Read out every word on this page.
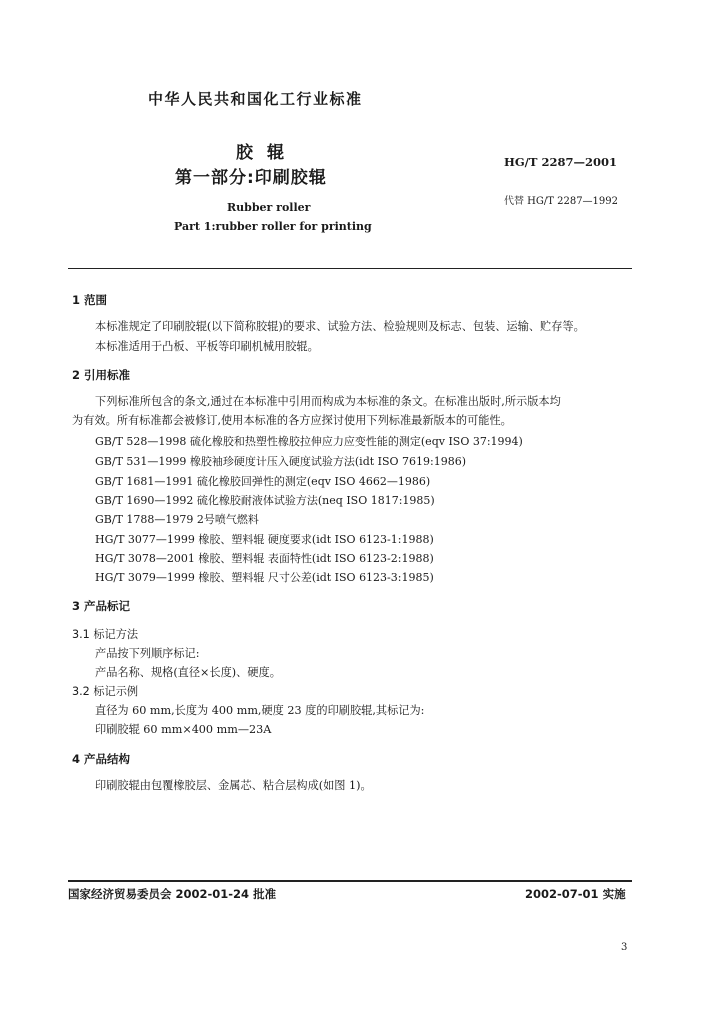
中华人民共和国化工行业标准
胶辊
第一部分:印刷胶辊
HG/T 2287—2001
代替 HG/T 2287—1992
Rubber roller
Part 1:rubber roller for printing
1 范围
本标准规定了印刷胶辊(以下简称胶辊)的要求、试验方法、检验规则及标志、包装、运输、贮存等。
本标准适用于凸板、平板等印刷机械用胶辊。
2 引用标准
下列标准所包含的条文,通过在本标准中引用而构成为本标准的条文。在标准出版时,所示版本均
为有效。所有标准都会被修订,使用本标准的各方应探讨使用下列标准最新版本的可能性。
GB/T 528—1998 硫化橡胶和热塑性橡胶拉伸应力应变性能的测定(eqv ISO 37:1994)
GB/T 531—1999 橡胶袖珍硬度计压入硬度试验方法(idt ISO 7619:1986)
GB/T 1681—1991 硫化橡胶回弹性的测定(eqv ISO 4662—1986)
GB/T 1690—1992 硫化橡胶耐液体试验方法(neq ISO 1817:1985)
GB/T 1788—1979 2号喷气燃料
HG/T 3077—1999 橡胶、塑料辊 硬度要求(idt ISO 6123-1:1988)
HG/T 3078—2001 橡胶、塑料辊 表面特性(idt ISO 6123-2:1988)
HG/T 3079—1999 橡胶、塑料辊 尺寸公差(idt ISO 6123-3:1985)
3 产品标记
3.1 标记方法
产品按下列顺序标记:
产品名称、规格(直径×长度)、硬度。
3.2 标记示例
直径为 60 mm,长度为 400 mm,硬度 23 度的印刷胶辊,其标记为:
印刷胶辊 60 mm×400 mm—23A
4 产品结构
印刷胶辊由包覆橡胶层、金属芯、粘合层构成(如图 1)。
国家经济贸易委员会 2002-01-24 批准	2002-07-01 实施
3
